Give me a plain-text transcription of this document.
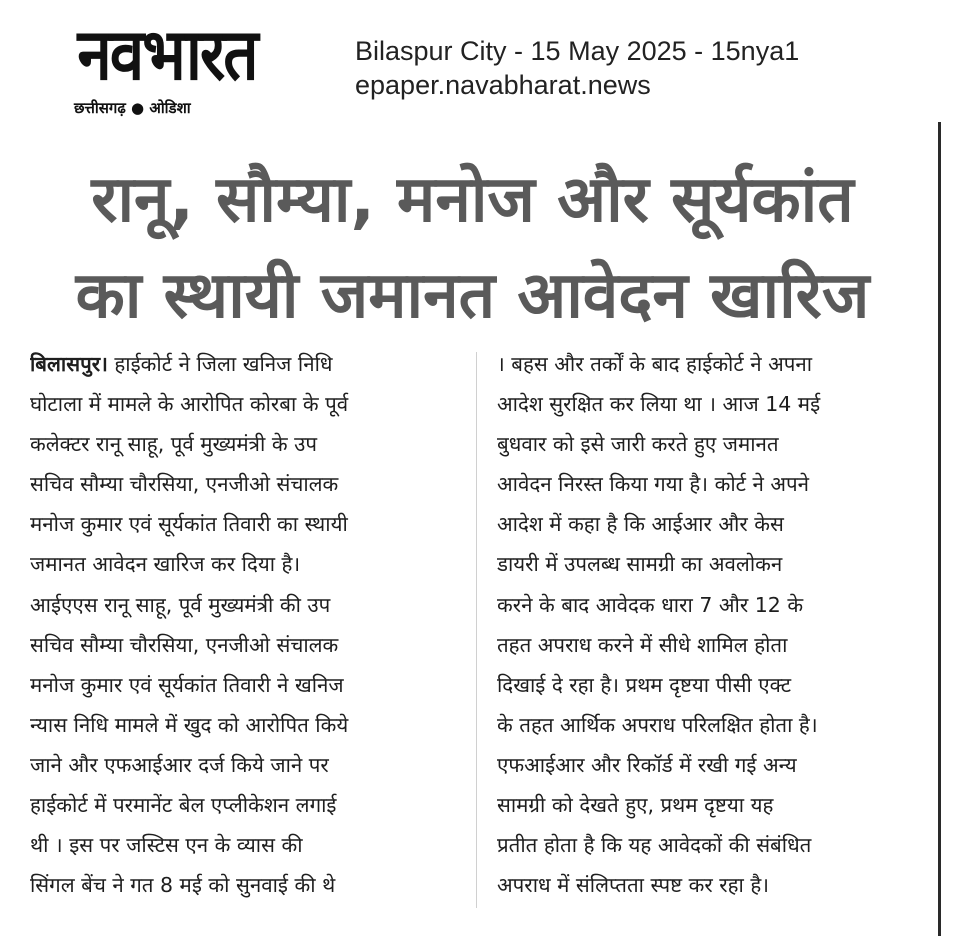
नवभारत
छत्तीसगढ़ ● ओडिशा
Bilaspur City - 15 May 2025 - 15nya1
epaper.navabharat.news
रानू, सौम्या, मनोज और सूर्यकांत
का स्थायी जमानत आवेदन खारिज
बिलासपुर। हाईकोर्ट ने जिला खनिज निधि
घोटाला में मामले के आरोपित कोरबा के पूर्व
कलेक्टर रानू साहू, पूर्व मुख्यमंत्री के उप
सचिव सौम्या चौरसिया, एनजीओ संचालक
मनोज कुमार एवं सूर्यकांत तिवारी का स्थायी
जमानत आवेदन खारिज कर दिया है।
आईएएस रानू साहू, पूर्व मुख्यमंत्री की उप
सचिव सौम्या चौरसिया, एनजीओ संचालक
मनोज कुमार एवं सूर्यकांत तिवारी ने खनिज
न्यास निधि मामले में खुद को आरोपित किये
जाने और एफआईआर दर्ज किये जाने पर
हाईकोर्ट में परमानेंट बेल एप्लीकेशन लगाई
थी । इस पर जस्टिस एन के व्यास की
सिंगल बेंच ने गत 8 मई को सुनवाई की थे
। बहस और तर्कों के बाद हाईकोर्ट ने अपना
आदेश सुरक्षित कर लिया था । आज 14 मई
बुधवार को इसे जारी करते हुए जमानत
आवेदन निरस्त किया गया है। कोर्ट ने अपने
आदेश में कहा है कि आईआर और केस
डायरी में उपलब्ध सामग्री का अवलोकन
करने के बाद आवेदक धारा 7 और 12 के
तहत अपराध करने में सीधे शामिल होता
दिखाई दे रहा है। प्रथम दृष्टया पीसी एक्ट
के तहत आर्थिक अपराध परिलक्षित होता है।
एफआईआर और रिकॉर्ड में रखी गई अन्य
सामग्री को देखते हुए, प्रथम दृष्टया यह
प्रतीत होता है कि यह आवेदकों की संबंधित
अपराध में संलिप्तता स्पष्ट कर रहा है।
